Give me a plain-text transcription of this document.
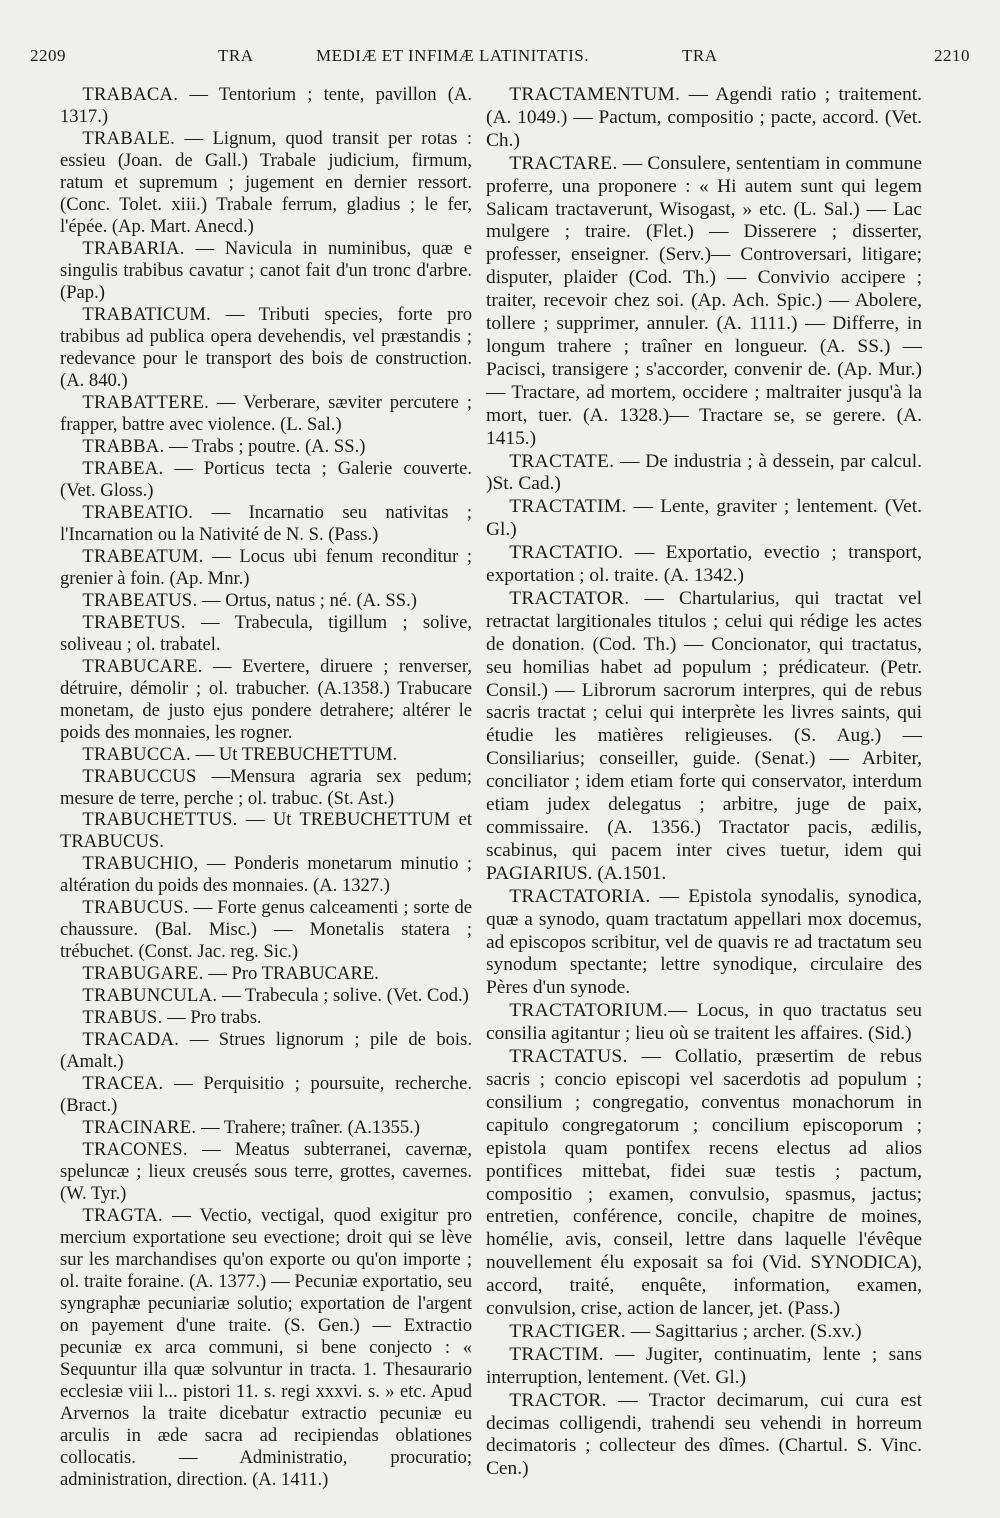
2209	TRA	MEDIÆ ET INFIMÆ LATINITATIS.	TRA	2210

TRABACA. — Tentorium ; tente, pavillon (A. 1317.)

TRABALE. — Lignum, quod transit per rotas : essieu (Joan. de Gall.) Trabale judicium, firmum, ratum et supremum ; jugement en dernier ressort. (Conc. Tolet. xiii.) Trabale ferrum, gladius ; le fer, l'épée. (Ap. Mart. Anecd.)

TRABARIA. — Navicula in numinibus, quæ e singulis trabibus cavatur ; canot fait d'un tronc d'arbre. (Pap.)

TRABATICUM. — Tributi species, forte pro trabibus ad publica opera devehendis, vel præstandis ; redevance pour le transport des bois de construction. (A. 840.)

TRABATTERE. — Verberare, sæviter percutere ; frapper, battre avec violence. (L. Sal.)

TRABBA. — Trabs ; poutre. (A. SS.)

TRABEA. — Porticus tecta ; Galerie couverte. (Vet. Gloss.)

TRABEATIO. — Incarnatio seu nativitas ; l'Incarnation ou la Nativité de N. S. (Pass.)

TRABEATUM. — Locus ubi fenum reconditur ; grenier à foin. (Ap. Mnr.)

TRABEATUS. — Ortus, natus ; né. (A. SS.)

TRABETUS. — Trabecula, tigillum ; solive, soliveau ; ol. trabatel.

TRABUCARE. — Evertere, diruere ; renverser, détruire, démolir ; ol. trabucher. (A.1358.) Trabucare monetam, de justo ejus pondere detrahere; altérer le poids des monnaies, les rogner.

TRABUCCA. — Ut TREBUCHETTUM.

TRABUCCUS —Mensura agraria sex pedum; mesure de terre, perche ; ol. trabuc. (St. Ast.)

TRABUCHETTUS. — Ut TREBUCHETTUM et TRABUCUS.

TRABUCHIO, — Ponderis monetarum minutio ; altération du poids des monnaies. (A. 1327.)

TRABUCUS. — Forte genus calceamenti ; sorte de chaussure. (Bal. Misc.) — Monetalis statera ; trébuchet. (Const. Jac. reg. Sic.)

TRABUGARE. — Pro TRABUCARE.

TRABUNCULA. — Trabecula ; solive. (Vet. Cod.)

TRABUS. — Pro trabs.

TRACADA. — Strues lignorum ; pile de bois. (Amalt.)

TRACEA. — Perquisitio ; poursuite, recherche. (Bract.)

TRACINARE. — Trahere; traîner. (A.1355.)

TRACONES. — Meatus subterranei, cavernæ, speluncæ ; lieux creusés sous terre, grottes, cavernes. (W. Tyr.)

TRAGTA. — Vectio, vectigal, quod exigitur pro mercium exportatione seu evectione; droit qui se lève sur les marchandises qu'on exporte ou qu'on importe ; ol. traite foraine. (A. 1377.) — Pecuniæ exportatio, seu syngraphæ pecuniariæ solutio; exportation de l'argent on payement d'une traite. (S. Gen.) — Extractio pecuniæ ex arca communi, si bene conjecto : « Sequuntur illa quæ solvuntur in tracta. 1. Thesaurario ecclesiæ viii l... pistori 11. s. regi xxxvi. s. » etc. Apud Arvernos la traite dicebatur extractio pecuniæ eu arculis in æde sacra ad recipiendas oblationes collocatis. — Administratio, procuratio; administration, direction. (A. 1411.)

TRACTAMENTUM. — Agendi ratio ; traitement. (A. 1049.) — Pactum, compositio ; pacte, accord. (Vet. Ch.)

TRACTARE. — Consulere, sententiam in commune proferre, una proponere : « Hi autem sunt qui legem Salicam tractaverunt, Wisogast, » etc. (L. Sal.) — Lac mulgere ; traire. (Flet.) — Disserere ; disserter, professer, enseigner. (Serv.)— Controversari, litigare; disputer, plaider (Cod. Th.) — Convivio accipere ; traiter, recevoir chez soi. (Ap. Ach. Spic.) — Abolere, tollere ; supprimer, annuler. (A. 1111.) — Differre, in longum trahere ; traîner en longueur. (A. SS.) — Pacisci, transigere ; s'accorder, convenir de. (Ap. Mur.) — Tractare, ad mortem, occidere ; maltraiter jusqu'à la mort, tuer. (A. 1328.)— Tractare se, se gerere. (A. 1415.)

TRACTATE. — De industria ; à dessein, par calcul. )St. Cad.)

TRACTATIM. — Lente, graviter ; lentement. (Vet. Gl.)

TRACTATIO. — Exportatio, evectio ; transport, exportation ; ol. traite. (A. 1342.)

TRACTATOR. — Chartularius, qui tractat vel retractat largitionales titulos ; celui qui rédige les actes de donation. (Cod. Th.) — Concionator, qui tractatus, seu homilias habet ad populum ; prédicateur. (Petr. Consil.) — Librorum sacrorum interpres, qui de rebus sacris tractat ; celui qui interprète les livres saints, qui étudie les matières religieuses. (S. Aug.) — Consiliarius; conseiller, guide. (Senat.) — Arbiter, conciliator ; idem etiam forte qui conservator, interdum etiam judex delegatus ; arbitre, juge de paix, commissaire. (A. 1356.) Tractator pacis, ædilis, scabinus, qui pacem inter cives tuetur, idem qui PAGIARIUS. (A.1501.

TRACTATORIA. — Epistola synodalis, synodica, quæ a synodo, quam tractatum appellari mox docemus, ad episcopos scribitur, vel de quavis re ad tractatum seu synodum spectante; lettre synodique, circulaire des Pères d'un synode.

TRACTATORIUM.— Locus, in quo tractatus seu consilia agitantur ; lieu où se traitent les affaires. (Sid.)

TRACTATUS. — Collatio, præsertim de rebus sacris ; concio episcopi vel sacerdotis ad populum ; consilium ; congregatio, conventus monachorum in capitulo congregatorum ; concilium episcoporum ; epistola quam pontifex recens electus ad alios pontifices mittebat, fidei suæ testis ; pactum, compositio ; examen, convulsio, spasmus, jactus; entretien, conférence, concile, chapitre de moines, homélie, avis, conseil, lettre dans laquelle l'évêque nouvellement élu exposait sa foi (Vid. SYNODICA), accord, traité, enquête, information, examen, convulsion, crise, action de lancer, jet. (Pass.)

TRACTIGER. — Sagittarius ; archer. (S.xv.)

TRACTIM. — Jugiter, continuatim, lente ; sans interruption, lentement. (Vet. Gl.)

TRACTOR. — Tractor decimarum, cui cura est decimas colligendi, trahendi seu vehendi in horreum decimatoris ; collecteur des dîmes. (Chartul. S. Vinc. Cen.)
